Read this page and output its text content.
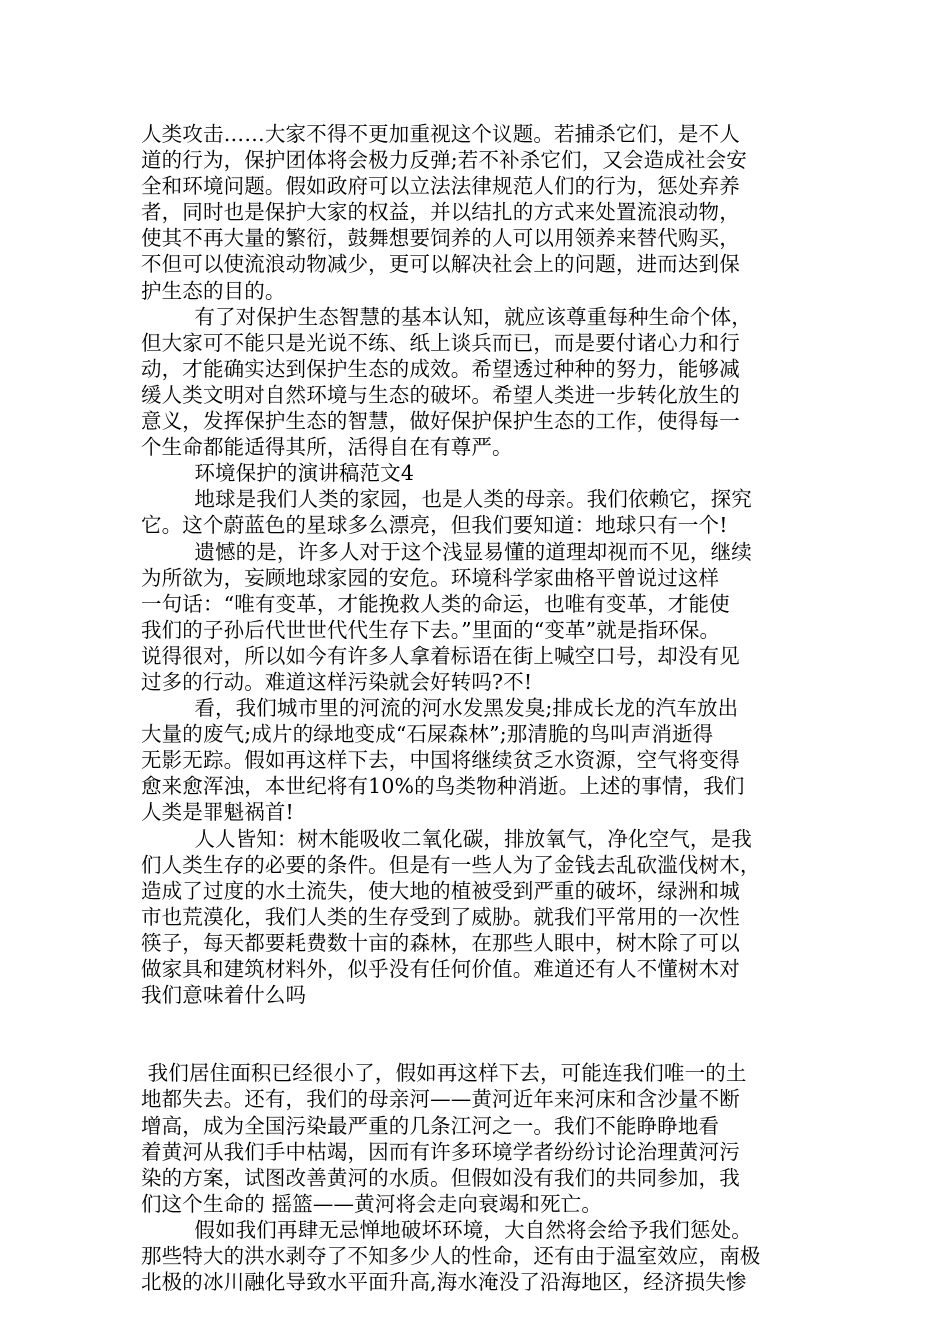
人类攻击……大家不得不更加重视这个议题。若捕杀它们，是不人
道的行为，保护团体将会极力反弹;若不补杀它们，又会造成社会安
全和环境问题。假如政府可以立法法律规范人们的行为，惩处弃养
者，同时也是保护大家的权益，并以结扎的方式来处置流浪动物，
使其不再大量的繁衍，鼓舞想要饲养的人可以用领养来替代购买，
不但可以使流浪动物减少，更可以解决社会上的问题，进而达到保
护生态的目的。
有了对保护生态智慧的基本认知，就应该尊重每种生命个体，
但大家可不能只是光说不练、纸上谈兵而已，而是要付诸心力和行
动，才能确实达到保护生态的成效。希望透过种种的努力，能够减
缓人类文明对自然环境与生态的破坏。希望人类进一步转化放生的
意义，发挥保护生态的智慧，做好保护保护生态的工作，使得每一
个生命都能适得其所，活得自在有尊严。
环境保护的演讲稿范文4
地球是我们人类的家园，也是人类的母亲。我们依赖它，探究
它。这个蔚蓝色的星球多么漂亮，但我们要知道：地球只有一个!
遗憾的是，许多人对于这个浅显易懂的道理却视而不见，继续
为所欲为，妄顾地球家园的安危。环境科学家曲格平曾说过这样
一句话：“唯有变革，才能挽救人类的命运，也唯有变革，才能使
我们的子孙后代世世代代生存下去。”里面的“变革”就是指环保。
说得很对，所以如今有许多人拿着标语在街上喊空口号，却没有见
过多的行动。难道这样污染就会好转吗?不!
看，我们城市里的河流的河水发黑发臭;排成长龙的汽车放出
大量的废气;成片的绿地变成“石屎森林”;那清脆的鸟叫声消逝得
无影无踪。假如再这样下去，中国将继续贫乏水资源，空气将变得
愈来愈浑浊，本世纪将有10%的鸟类物种消逝。上述的事情，我们
人类是罪魁祸首!
人人皆知：树木能吸收二氧化碳，排放氧气，净化空气，是我
们人类生存的必要的条件。但是有一些人为了金钱去乱砍滥伐树木，
造成了过度的水土流失，使大地的植被受到严重的破坏，绿洲和城
市也荒漠化，我们人类的生存受到了威胁。就我们平常用的一次性
筷子，每天都要耗费数十亩的森林，在那些人眼中，树木除了可以
做家具和建筑材料外，似乎没有任何价值。难道还有人不懂树木对
我们意味着什么吗
我们居住面积已经很小了，假如再这样下去，可能连我们唯一的土
地都失去。还有，我们的母亲河——黄河近年来河床和含沙量不断
增高，成为全国污染最严重的几条江河之一。我们不能睁睁地看
着黄河从我们手中枯竭，因而有许多环境学者纷纷讨论治理黄河污
染的方案，试图改善黄河的水质。但假如没有我们的共同参加，我
们这个生命的 摇篮——黄河将会走向衰竭和死亡。
假如我们再肆无忌惮地破坏环境，大自然将会给予我们惩处。
那些特大的洪水剥夺了不知多少人的性命，还有由于温室效应，南极
北极的冰川融化导致水平面升高,海水淹没了沿海地区，经济损失惨
